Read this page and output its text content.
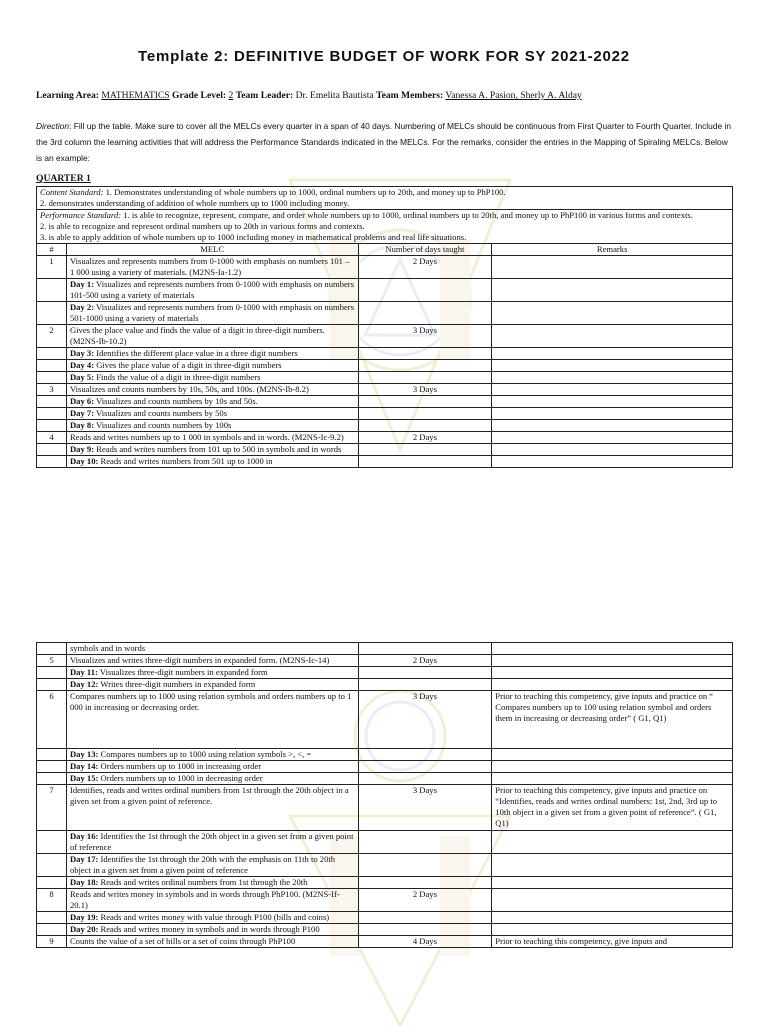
Template 2: DEFINITIVE BUDGET OF WORK FOR SY 2021-2022
Learning Area: MATHEMATICS Grade Level: 2 Team Leader: Dr. Emelita Bautista Team Members: Vanessa A. Pasion, Sherly A. Alday
Direction: Fill up the table. Make sure to cover all the MELCs every quarter in a span of 40 days. Numbering of MELCs should be continuous from First Quarter to Fourth Quarter. Include in the 3rd column the learning activities that will address the Performance Standards indicated in the MELCs. For the remarks, consider the entries in the Mapping of Spiraling MELCs. Below is an example:
QUARTER 1
Content Standard: 1. Demonstrates understanding of whole numbers up to 1000, ordinal numbers up to 20th, and money up to PhP100.
2. demonstrates understanding of addition of whole numbers up to 1000 including money.			
Performance Standard: 1. is able to recognize, represent, compare, and order whole numbers up to 1000, ordinal numbers up to 20th, and money up to PhP100 in various forms and contexts.
2. is able to recognize and represent ordinal numbers up to 20th in various forms and contexts.
3. is able to apply addition of whole numbers up to 1000 including money in mathematical problems and real life situations.			
#	MELC	Number of days taught	Remarks
1	Visualizes and represents numbers from 0-1000 with emphasis on numbers 101 – 1 000 using a variety of materials. (M2NS-Ia-1.2)	2 Days	
	Day 1: Visualizes and represents numbers from 0-1000 with emphasis on numbers 101-500 using a variety of materials		
	Day 2: Visualizes and represents numbers from 0-1000 with emphasis on numbers 501-1000 using a variety of materials		
2	Gives the place value and finds the value of a digit in three-digit numbers. (M2NS-Ib-10.2)	3 Days	
	Day 3: Identifies the different place value in a three digit numbers		
	Day 4: Gives the place value of a digit in three-digit numbers		
	Day 5: Finds the value of a digit in three-digit numbers		
3	Visualizes and counts numbers by 10s, 50s, and 100s. (M2NS-Ib-8.2)	3 Days	
	Day 6: Visualizes and counts numbers by 10s and 50s.		
	Day 7: Visualizes and counts numbers by 50s		
	Day 8: Visualizes and counts numbers by 100s		
4	Reads and writes numbers up to 1 000 in symbols and in words. (M2NS-Ic-9.2)	2 Days	
	Day 9: Reads and writes numbers from 101 up to 500 in symbols and in words		
	Day 10: Reads and writes numbers from 501 up to 1000 in		
	symbols and in words		
5	Visualizes and writes three-digit numbers in expanded form. (M2NS-Ic-14)	2 Days	
	Day 11: Visualizes three-digit numbers in expanded form		
	Day 12: Writes three-digit numbers in expanded form		
6	Compares numbers up to 1000 using relation symbols and orders numbers up to 1 000 in increasing or decreasing order.	3 Days	Prior to teaching this competency, give inputs and practice on “ Compares numbers up to 100 using relation symbol and orders them in increasing or decreasing order” ( G1, Q1)
	Day 13: Compares numbers up to 1000 using relation symbols >, <, =		
	Day 14: Orders numbers up to 1000 in increasing order		
	Day 15: Orders numbers up to 1000 in decreasing order		
7	Identifies, reads and writes ordinal numbers from 1st through the 20th object in a given set from a given point of reference.	3 Days	Prior to teaching this competency, give inputs and practice on “Identifies, reads and writes ordinal numbers: 1st, 2nd, 3rd up to 10th object in a given set from a given point of reference”. ( G1, Q1)
	Day 16: Identifies the 1st through the 20th object in a given set from a given point of reference		
	Day 17: Identifies the 1st through the 20th with the emphasis on 11th to 20th object in a given set from a given point of reference		
	Day 18: Reads and writes ordinal numbers from 1st through the 20th		
8	Reads and writes money in symbols and in words through PhP100. (M2NS-If-20.1)	2 Days	
	Day 19: Reads and writes money with value through P100 (bills and coins)		
	Day 20: Reads and writes money in symbols and in words through P100		
9	Counts the value of a set of bills or a set of coins through PhP100	4 Days	Prior to teaching this competency, give inputs and
